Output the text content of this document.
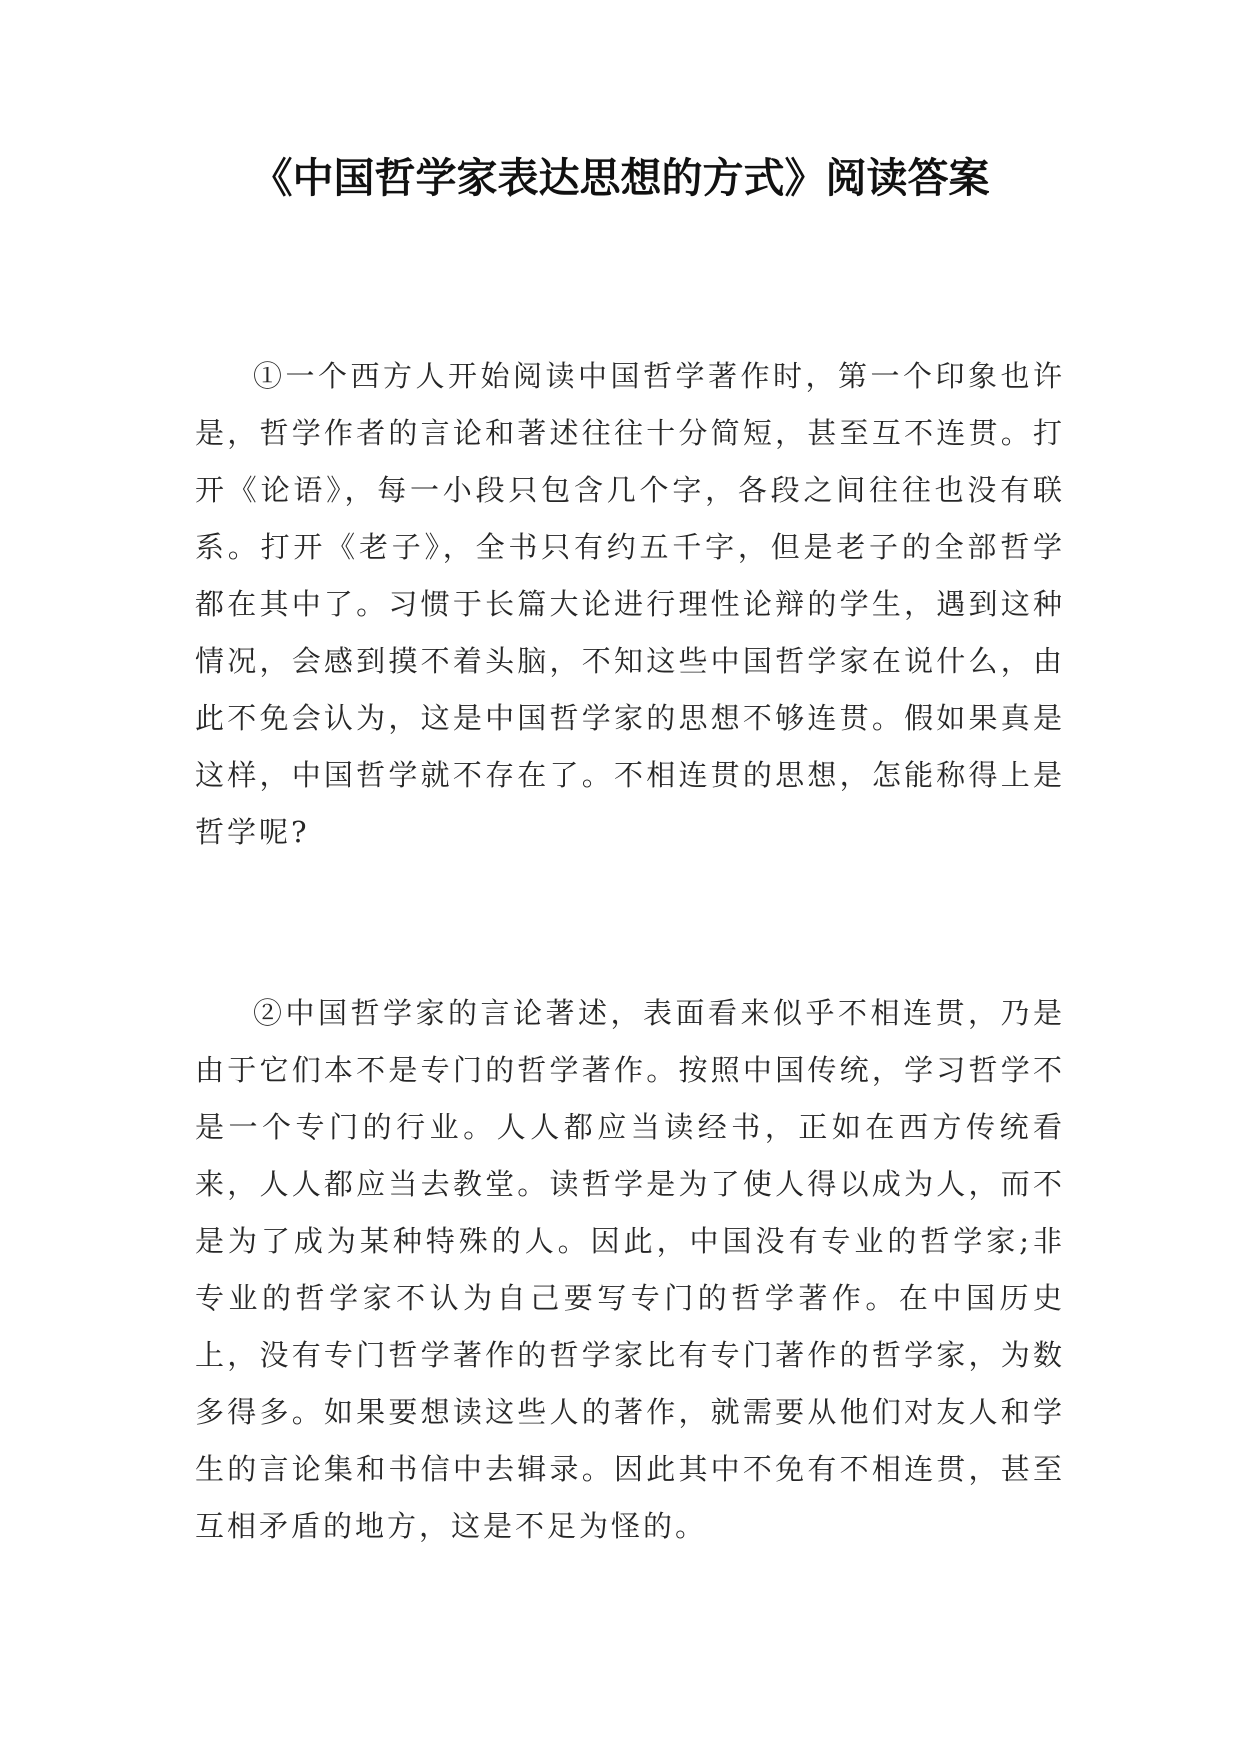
《中国哲学家表达思想的方式》阅读答案

①一个西方人开始阅读中国哲学著作时，第一个印象也许是，哲学作者的言论和著述往往十分简短，甚至互不连贯。打开《论语》，每一小段只包含几个字，各段之间往往也没有联系。打开《老子》，全书只有约五千字，但是老子的全部哲学都在其中了。习惯于长篇大论进行理性论辩的学生，遇到这种情况，会感到摸不着头脑，不知这些中国哲学家在说什么，由此不免会认为，这是中国哲学家的思想不够连贯。假如果真是这样，中国哲学就不存在了。不相连贯的思想，怎能称得上是哲学呢?

②中国哲学家的言论著述，表面看来似乎不相连贯，乃是由于它们本不是专门的哲学著作。按照中国传统，学习哲学不是一个专门的行业。人人都应当读经书，正如在西方传统看来，人人都应当去教堂。读哲学是为了使人得以成为人，而不是为了成为某种特殊的人。因此，中国没有专业的哲学家;非专业的哲学家不认为自己要写专门的哲学著作。在中国历史上，没有专门哲学著作的哲学家比有专门著作的哲学家，为数多得多。如果要想读这些人的著作，就需要从他们对友人和学生的言论集和书信中去辑录。因此其中不免有不相连贯，甚至互相矛盾的地方，这是不足为怪的。
